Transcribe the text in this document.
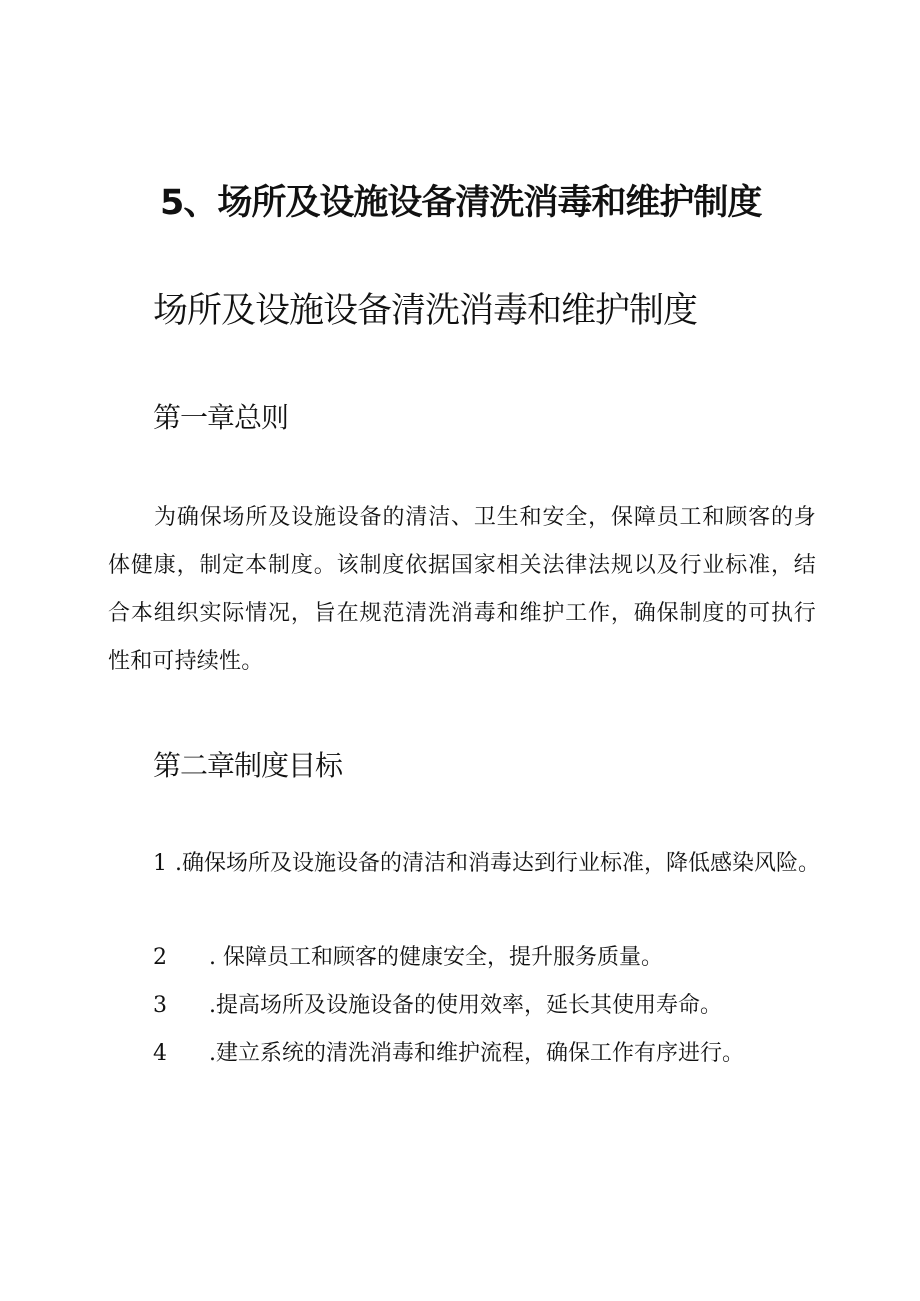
5、场所及设施设备清洗消毒和维护制度
场所及设施设备清洗消毒和维护制度
第一章总则
为确保场所及设施设备的清洁、卫生和安全，保障员工和顾客的身体健康，制定本制度。该制度依据国家相关法律法规以及行业标准，结合本组织实际情况，旨在规范清洗消毒和维护工作，确保制度的可执行性和可持续性。
第二章制度目标
1 .确保场所及设施设备的清洁和消毒达到行业标准，降低感染风险。
2 . 保障员工和顾客的健康安全，提升服务质量。
3 .提高场所及设施设备的使用效率，延长其使用寿命。
4 .建立系统的清洗消毒和维护流程，确保工作有序进行。
